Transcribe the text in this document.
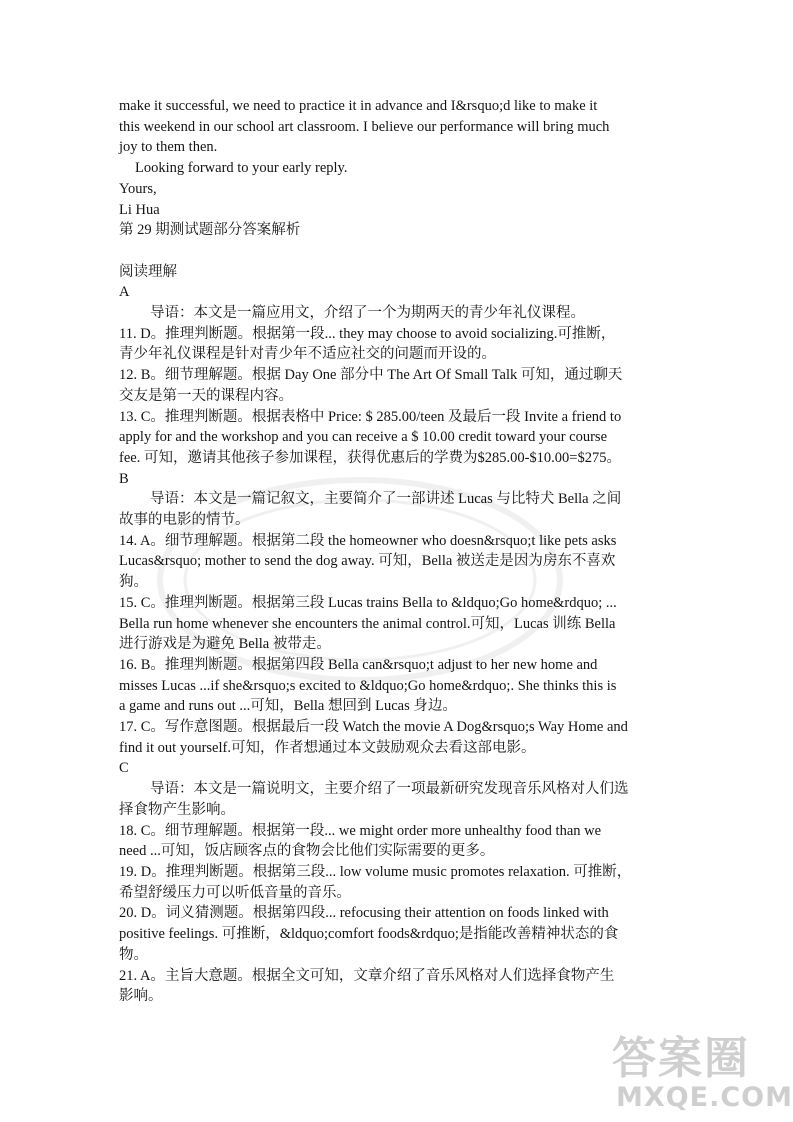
make it successful, we need to practice it in advance and I&rsquo;d like to make it

this weekend in our school art classroom. I believe our performance will bring much

joy to them then.

Looking forward to your early reply.

Yours,

Li Hua

第 29 期测试题部分答案解析

阅读理解

A

导语：本文是一篇应用文，介绍了一个为期两天的青少年礼仪课程。

11. D。推理判断题。根据第一段... they may choose to avoid socializing.可推断，

青少年礼仪课程是针对青少年不适应社交的问题而开设的。

12. B。细节理解题。根据 Day One 部分中 The Art Of Small Talk 可知，通过聊天

交友是第一天的课程内容。

13. C。推理判断题。根据表格中 Price: $ 285.00/teen 及最后一段 Invite a friend to

apply for and the workshop and you can receive a $ 10.00 credit toward your course

fee. 可知，邀请其他孩子参加课程，获得优惠后的学费为$285.00-$10.00=$275。

B

导语：本文是一篇记叙文，主要简介了一部讲述 Lucas 与比特犬 Bella 之间

故事的电影的情节。

14. A。细节理解题。根据第二段 the homeowner who doesn&rsquo;t like pets asks

Lucas&rsquo; mother to send the dog away. 可知，Bella 被送走是因为房东不喜欢

狗。

15. C。推理判断题。根据第三段 Lucas trains Bella to &ldquo;Go home&rdquo; ...

Bella run home whenever she encounters the animal control.可知，Lucas 训练 Bella

进行游戏是为避免 Bella 被带走。

16. B。推理判断题。根据第四段 Bella can&rsquo;t adjust to her new home and

misses Lucas ...if she&rsquo;s excited to &ldquo;Go home&rdquo;. She thinks this is

a game and runs out ...可知，Bella 想回到 Lucas 身边。

17. C。写作意图题。根据最后一段 Watch the movie A Dog&rsquo;s Way Home and

find it out yourself.可知，作者想通过本文鼓励观众去看这部电影。

C

导语：本文是一篇说明文，主要介绍了一项最新研究发现音乐风格对人们选

择食物产生影响。

18. C。细节理解题。根据第一段... we might order more unhealthy food than we

need ...可知，饭店顾客点的食物会比他们实际需要的更多。

19. D。推理判断题。根据第三段... low volume music promotes relaxation. 可推断，

希望舒缓压力可以听低音量的音乐。

20. D。词义猜测题。根据第四段... refocusing their attention on foods linked with

positive feelings. 可推断，&ldquo;comfort foods&rdquo;是指能改善精神状态的食

物。

21. A。主旨大意题。根据全文可知，文章介绍了音乐风格对人们选择食物产生

影响。

答案圈
MXQE.COM
